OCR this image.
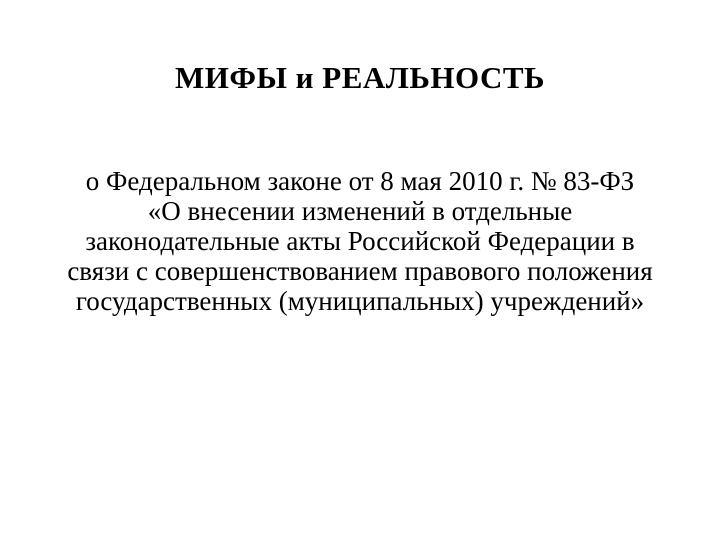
МИФЫ и РЕАЛЬНОСТЬ
о Федеральном законе от 8 мая 2010 г. № 83-ФЗ
«О внесении изменений в отдельные
законодательные акты Российской Федерации в
связи с совершенствованием правового положения
государственных (муниципальных) учреждений»
